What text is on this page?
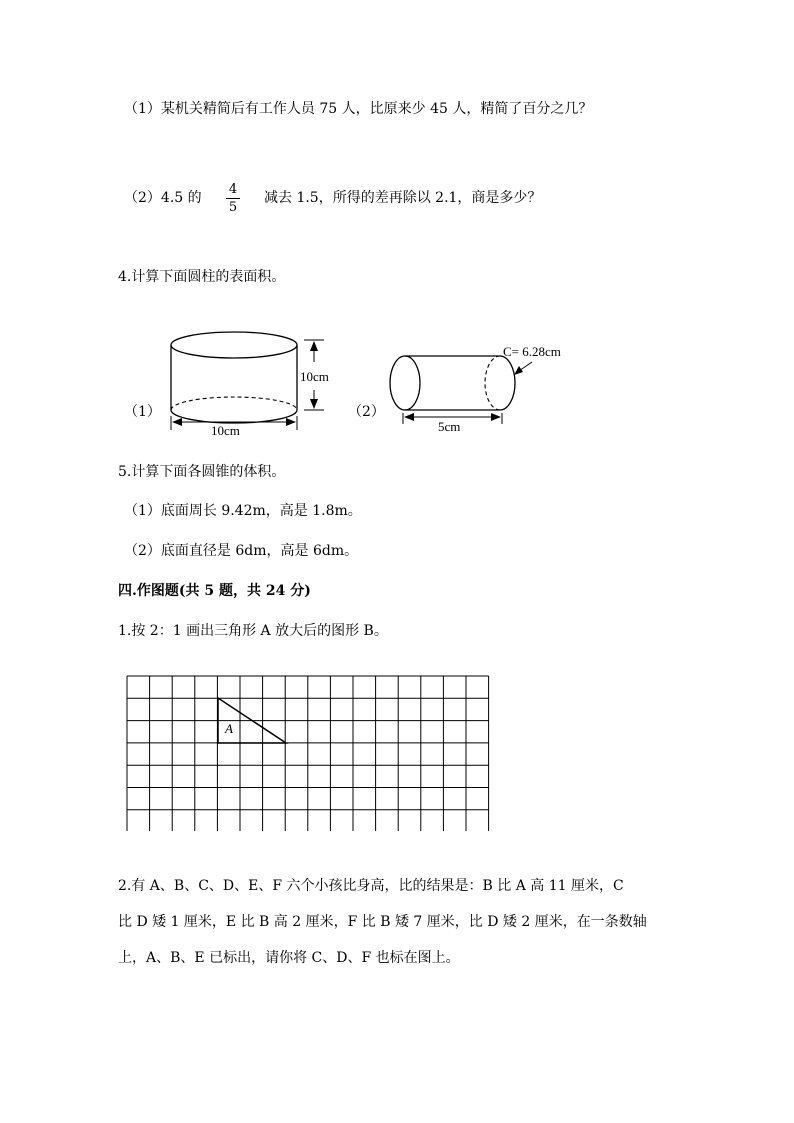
（1）某机关精简后有工作人员 75 人，比原来少 45 人，精简了百分之几？
（2）4.5 的
4
5
减去 1.5，所得的差再除以 2.1，商是多少？
4.计算下面圆柱的表面积。
10cm
10cm
C= 6.28cm
5cm
（1）	（2）
5.计算下面各圆锥的体积。
（1）底面周长 9.42m，高是 1.8m。
（2）底面直径是 6dm，高是 6dm。
四.作图题(共 5 题，共 24 分)
1.按 2：1 画出三角形 A 放大后的图形 B。
A
2.有 A、B、C、D、E、F 六个小孩比身高，比的结果是：B 比 A 高 11 厘米，C
比 D 矮 1 厘米，E 比 B 高 2 厘米，F 比 B 矮 7 厘米，比 D 矮 2 厘米，在一条数轴
上，A、B、E 已标出，请你将 C、D、F 也标在图上。
